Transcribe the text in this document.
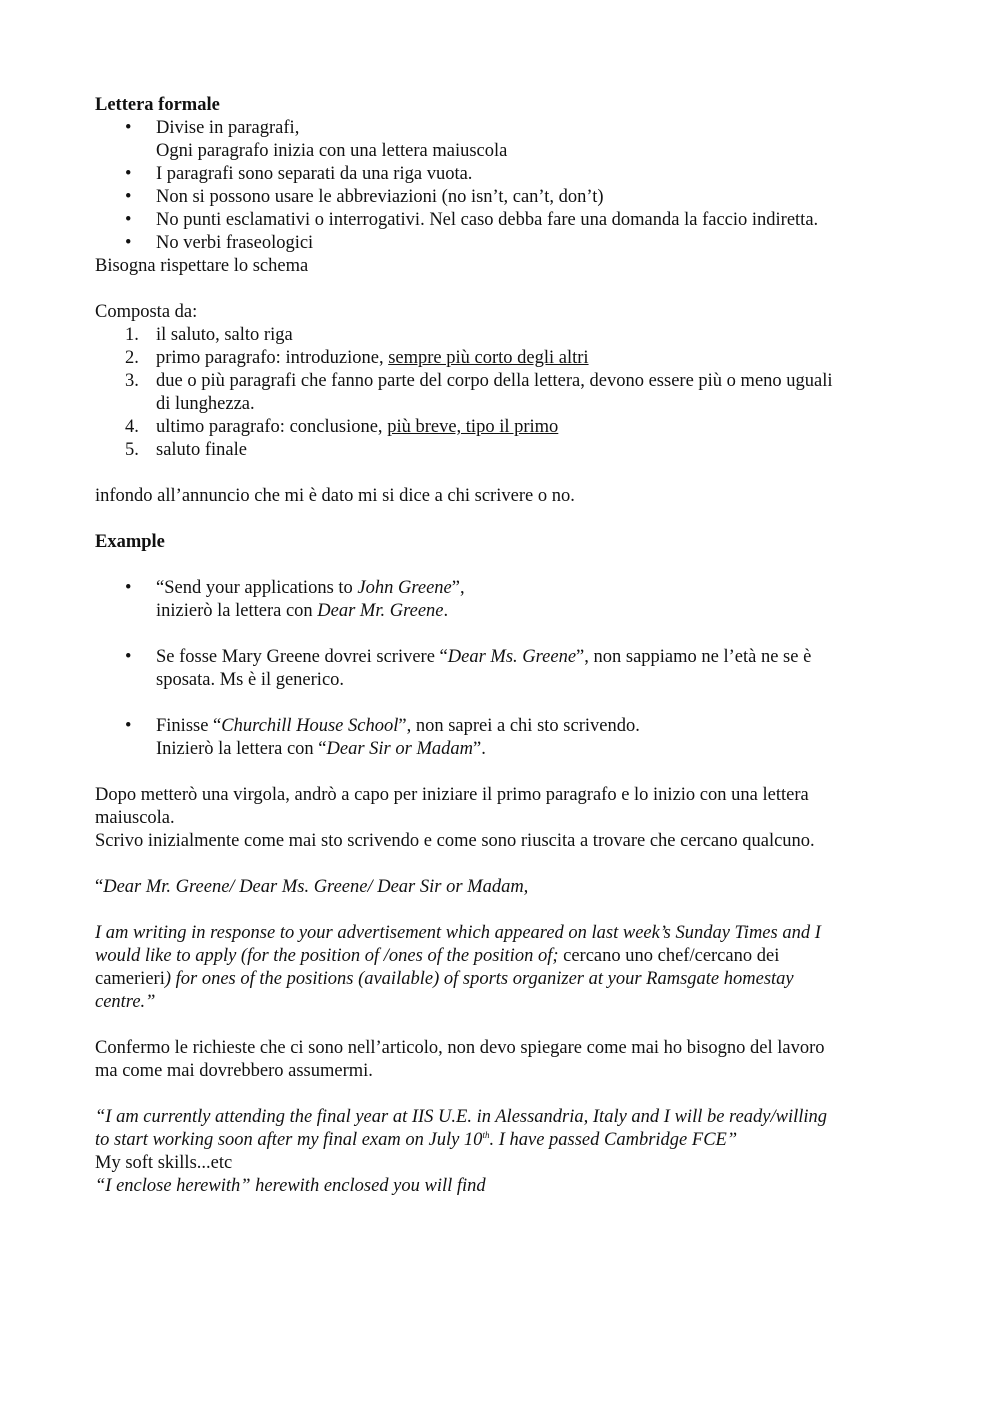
Lettera formale
• Divise in paragrafi,
Ogni paragrafo inizia con una lettera maiuscola
• I paragrafi sono separati da una riga vuota.
• Non si possono usare le abbreviazioni (no isn’t, can’t, don’t)
• No punti esclamativi o interrogativi. Nel caso debba fare una domanda la faccio indiretta.
• No verbi fraseologici
Bisogna rispettare lo schema
Composta da:
1. il saluto, salto riga
2. primo paragrafo: introduzione, sempre più corto degli altri
3. due o più paragrafi che fanno parte del corpo della lettera, devono essere più o meno uguali
di lunghezza.
4. ultimo paragrafo: conclusione, più breve, tipo il primo
5. saluto finale
infondo all’annuncio che mi è dato mi si dice a chi scrivere o no.
Example
• “Send your applications to John Greene”,
inizierò la lettera con Dear Mr. Greene.
• Se fosse Mary Greene dovrei scrivere “Dear Ms. Greene”, non sappiamo ne l’età ne se è
sposata. Ms è il generico.
• Finisse “Churchill House School”, non saprei a chi sto scrivendo.
Inizierò la lettera con “Dear Sir or Madam”.
Dopo metterò una virgola, andrò a capo per iniziare il primo paragrafo e lo inizio con una lettera
maiuscola.
Scrivo inizialmente come mai sto scrivendo e come sono riuscita a trovare che cercano qualcuno.
“Dear Mr. Greene/ Dear Ms. Greene/ Dear Sir or Madam,
I am writing in response to your advertisement which appeared on last week’s Sunday Times and I
would like to apply (for the position of /ones of the position of; cercano uno chef/cercano dei
camerieri) for ones of the positions (available) of sports organizer at your Ramsgate homestay
centre.”
Confermo le richieste che ci sono nell’articolo, non devo spiegare come mai ho bisogno del lavoro
ma come mai dovrebbero assumermi.
“I am currently attending the final year at IIS U.E. in Alessandria, Italy and I will be ready/willing
to start working soon after my final exam on July 10th. I have passed Cambridge FCE”
My soft skills...etc
“I enclose herewith” herewith enclosed you will find
